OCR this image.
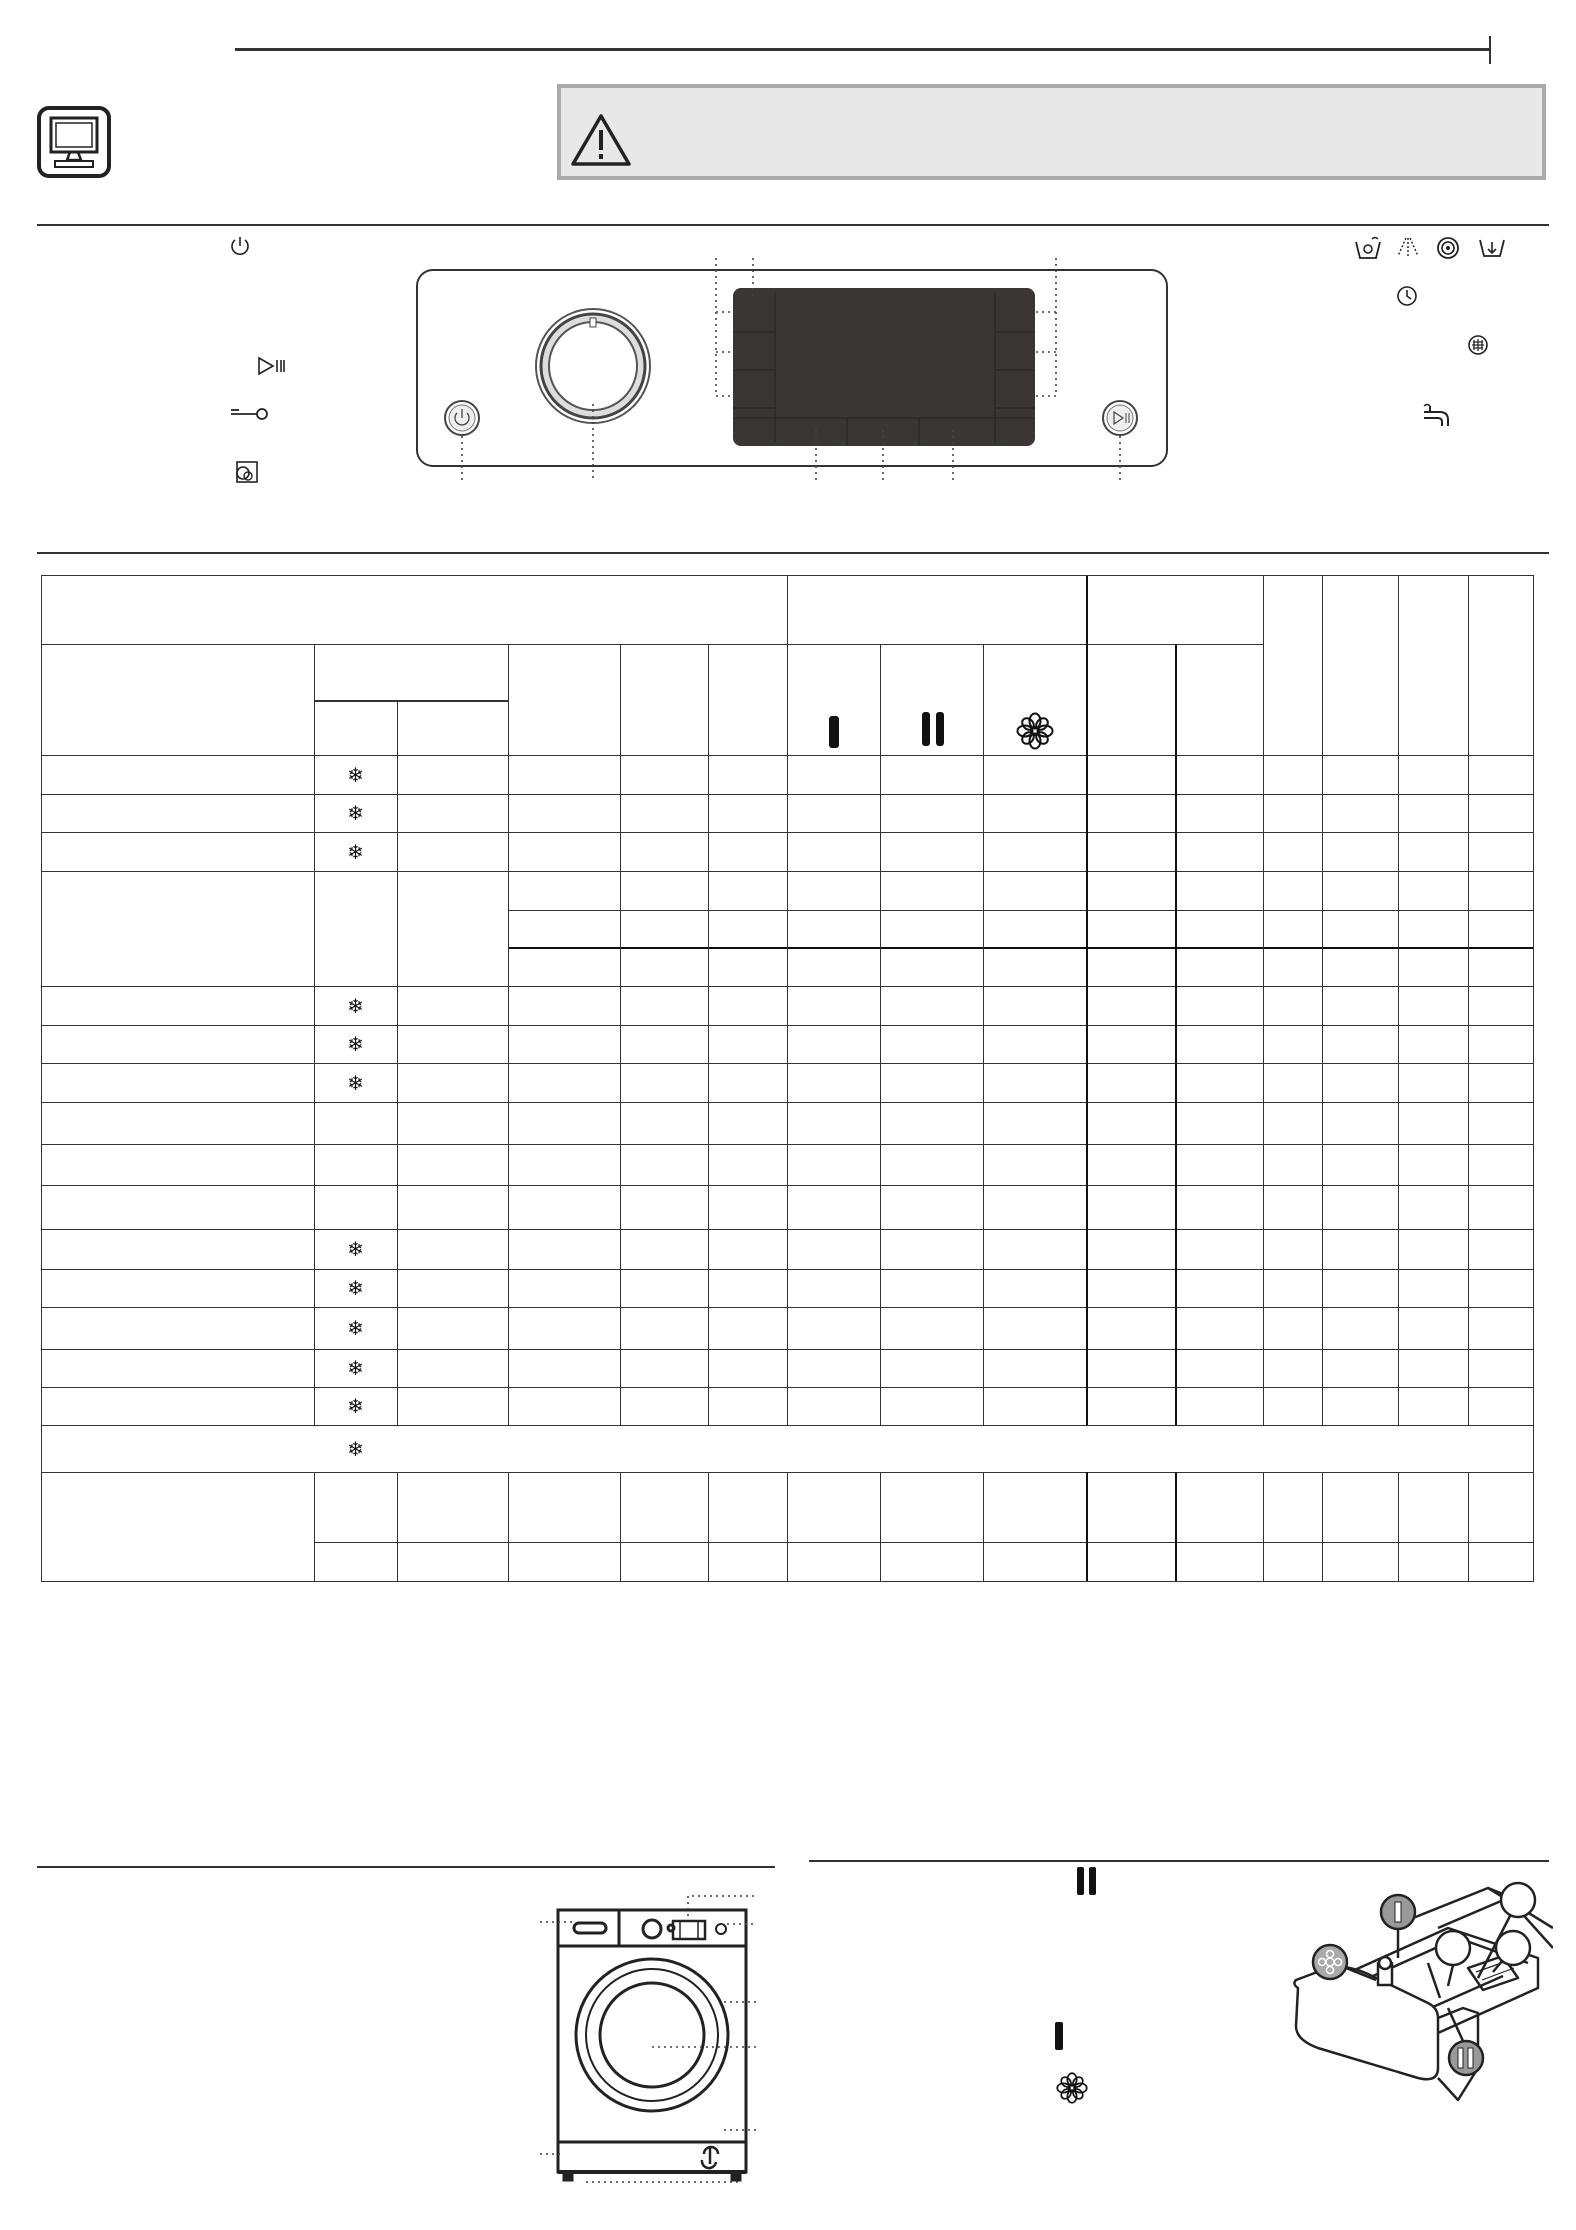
❄
❄
❄
❄
❄
❄
❄
❄
❄
❄
❄
❄
